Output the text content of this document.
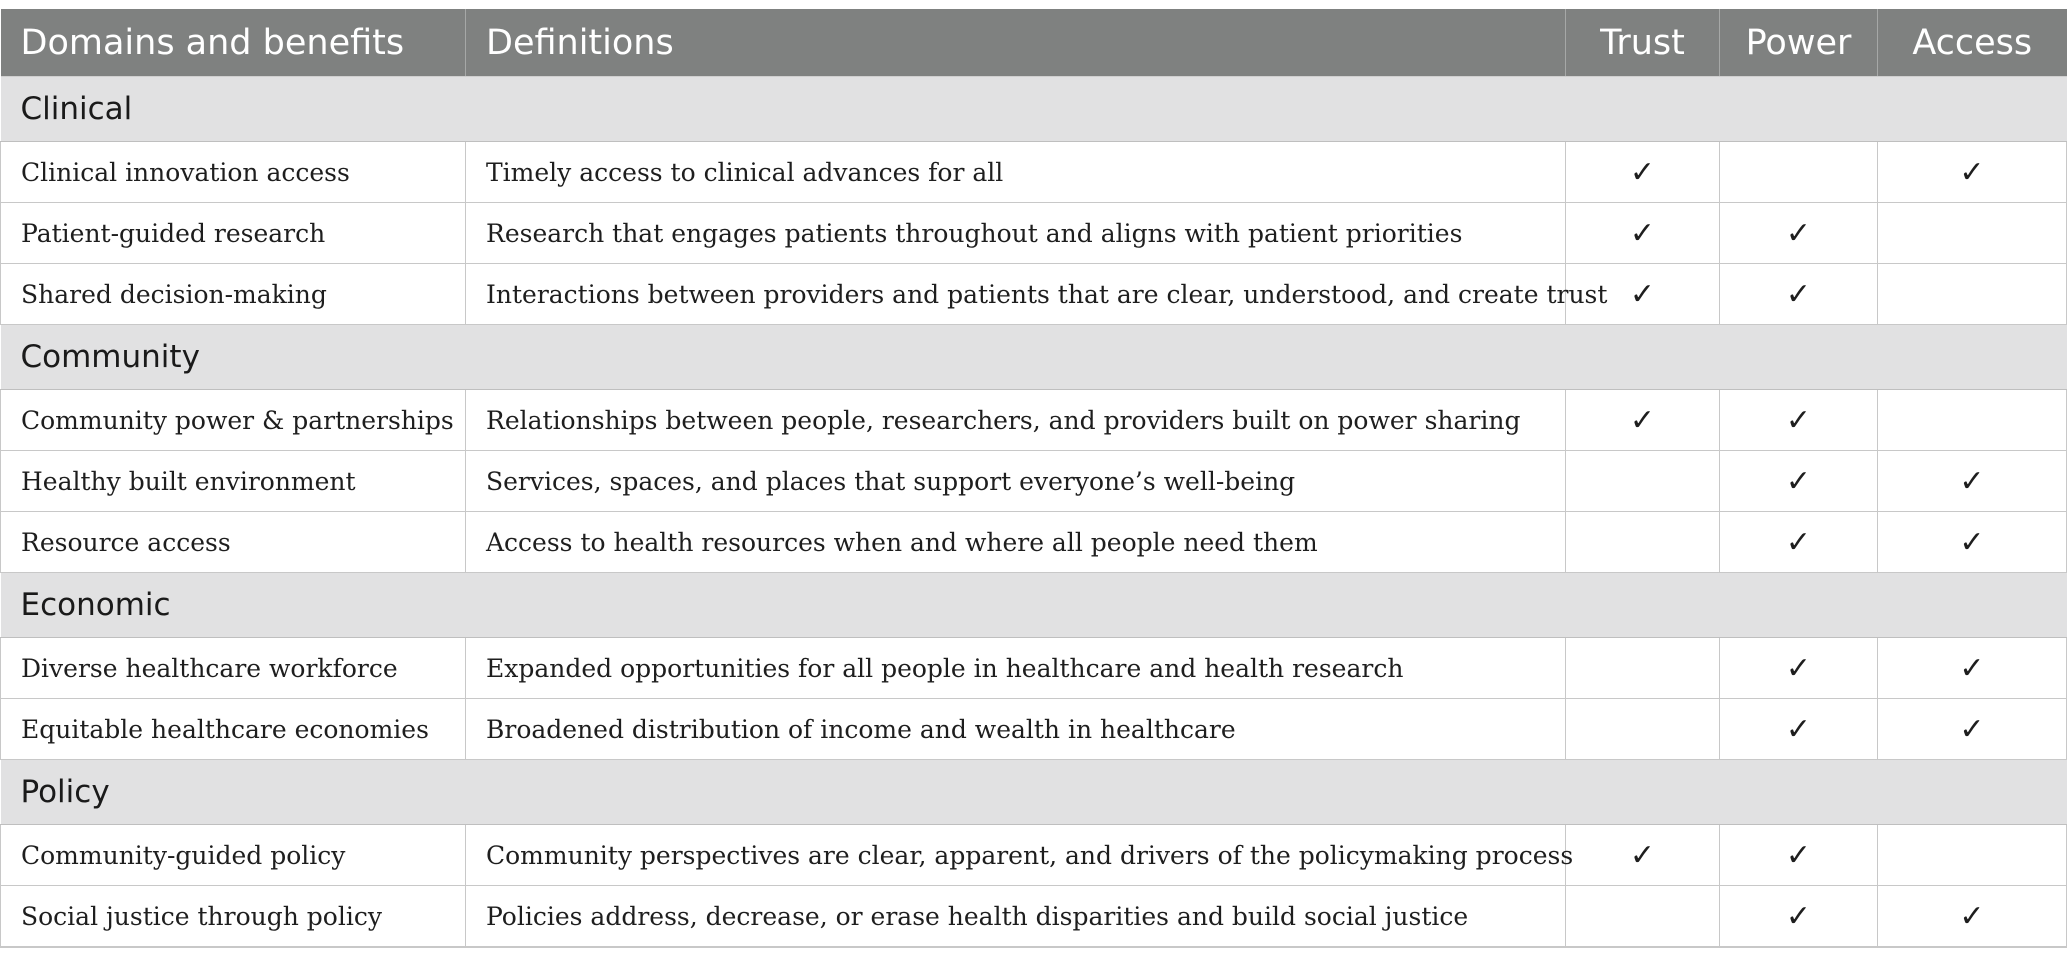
Domains and benefits	Definitions	Trust	Power	Access
Clinical				
Clinical innovation access	Timely access to clinical advances for all	✓		✓
Patient-guided research	Research that engages patients throughout and aligns with patient priorities	✓	✓	
Shared decision-making	Interactions between providers and patients that are clear, understood, and create trust	✓	✓	
Community				
Community power & partnerships	Relationships between people, researchers, and providers built on power sharing	✓	✓	
Healthy built environment	Services, spaces, and places that support everyone’s well-being		✓	✓
Resource access	Access to health resources when and where all people need them		✓	✓
Economic				
Diverse healthcare workforce	Expanded opportunities for all people in healthcare and health research		✓	✓
Equitable healthcare economies	Broadened distribution of income and wealth in healthcare		✓	✓
Policy				
Community-guided policy	Community perspectives are clear, apparent, and drivers of the policymaking process	✓	✓	
Social justice through policy	Policies address, decrease, or erase health disparities and build social justice		✓	✓
